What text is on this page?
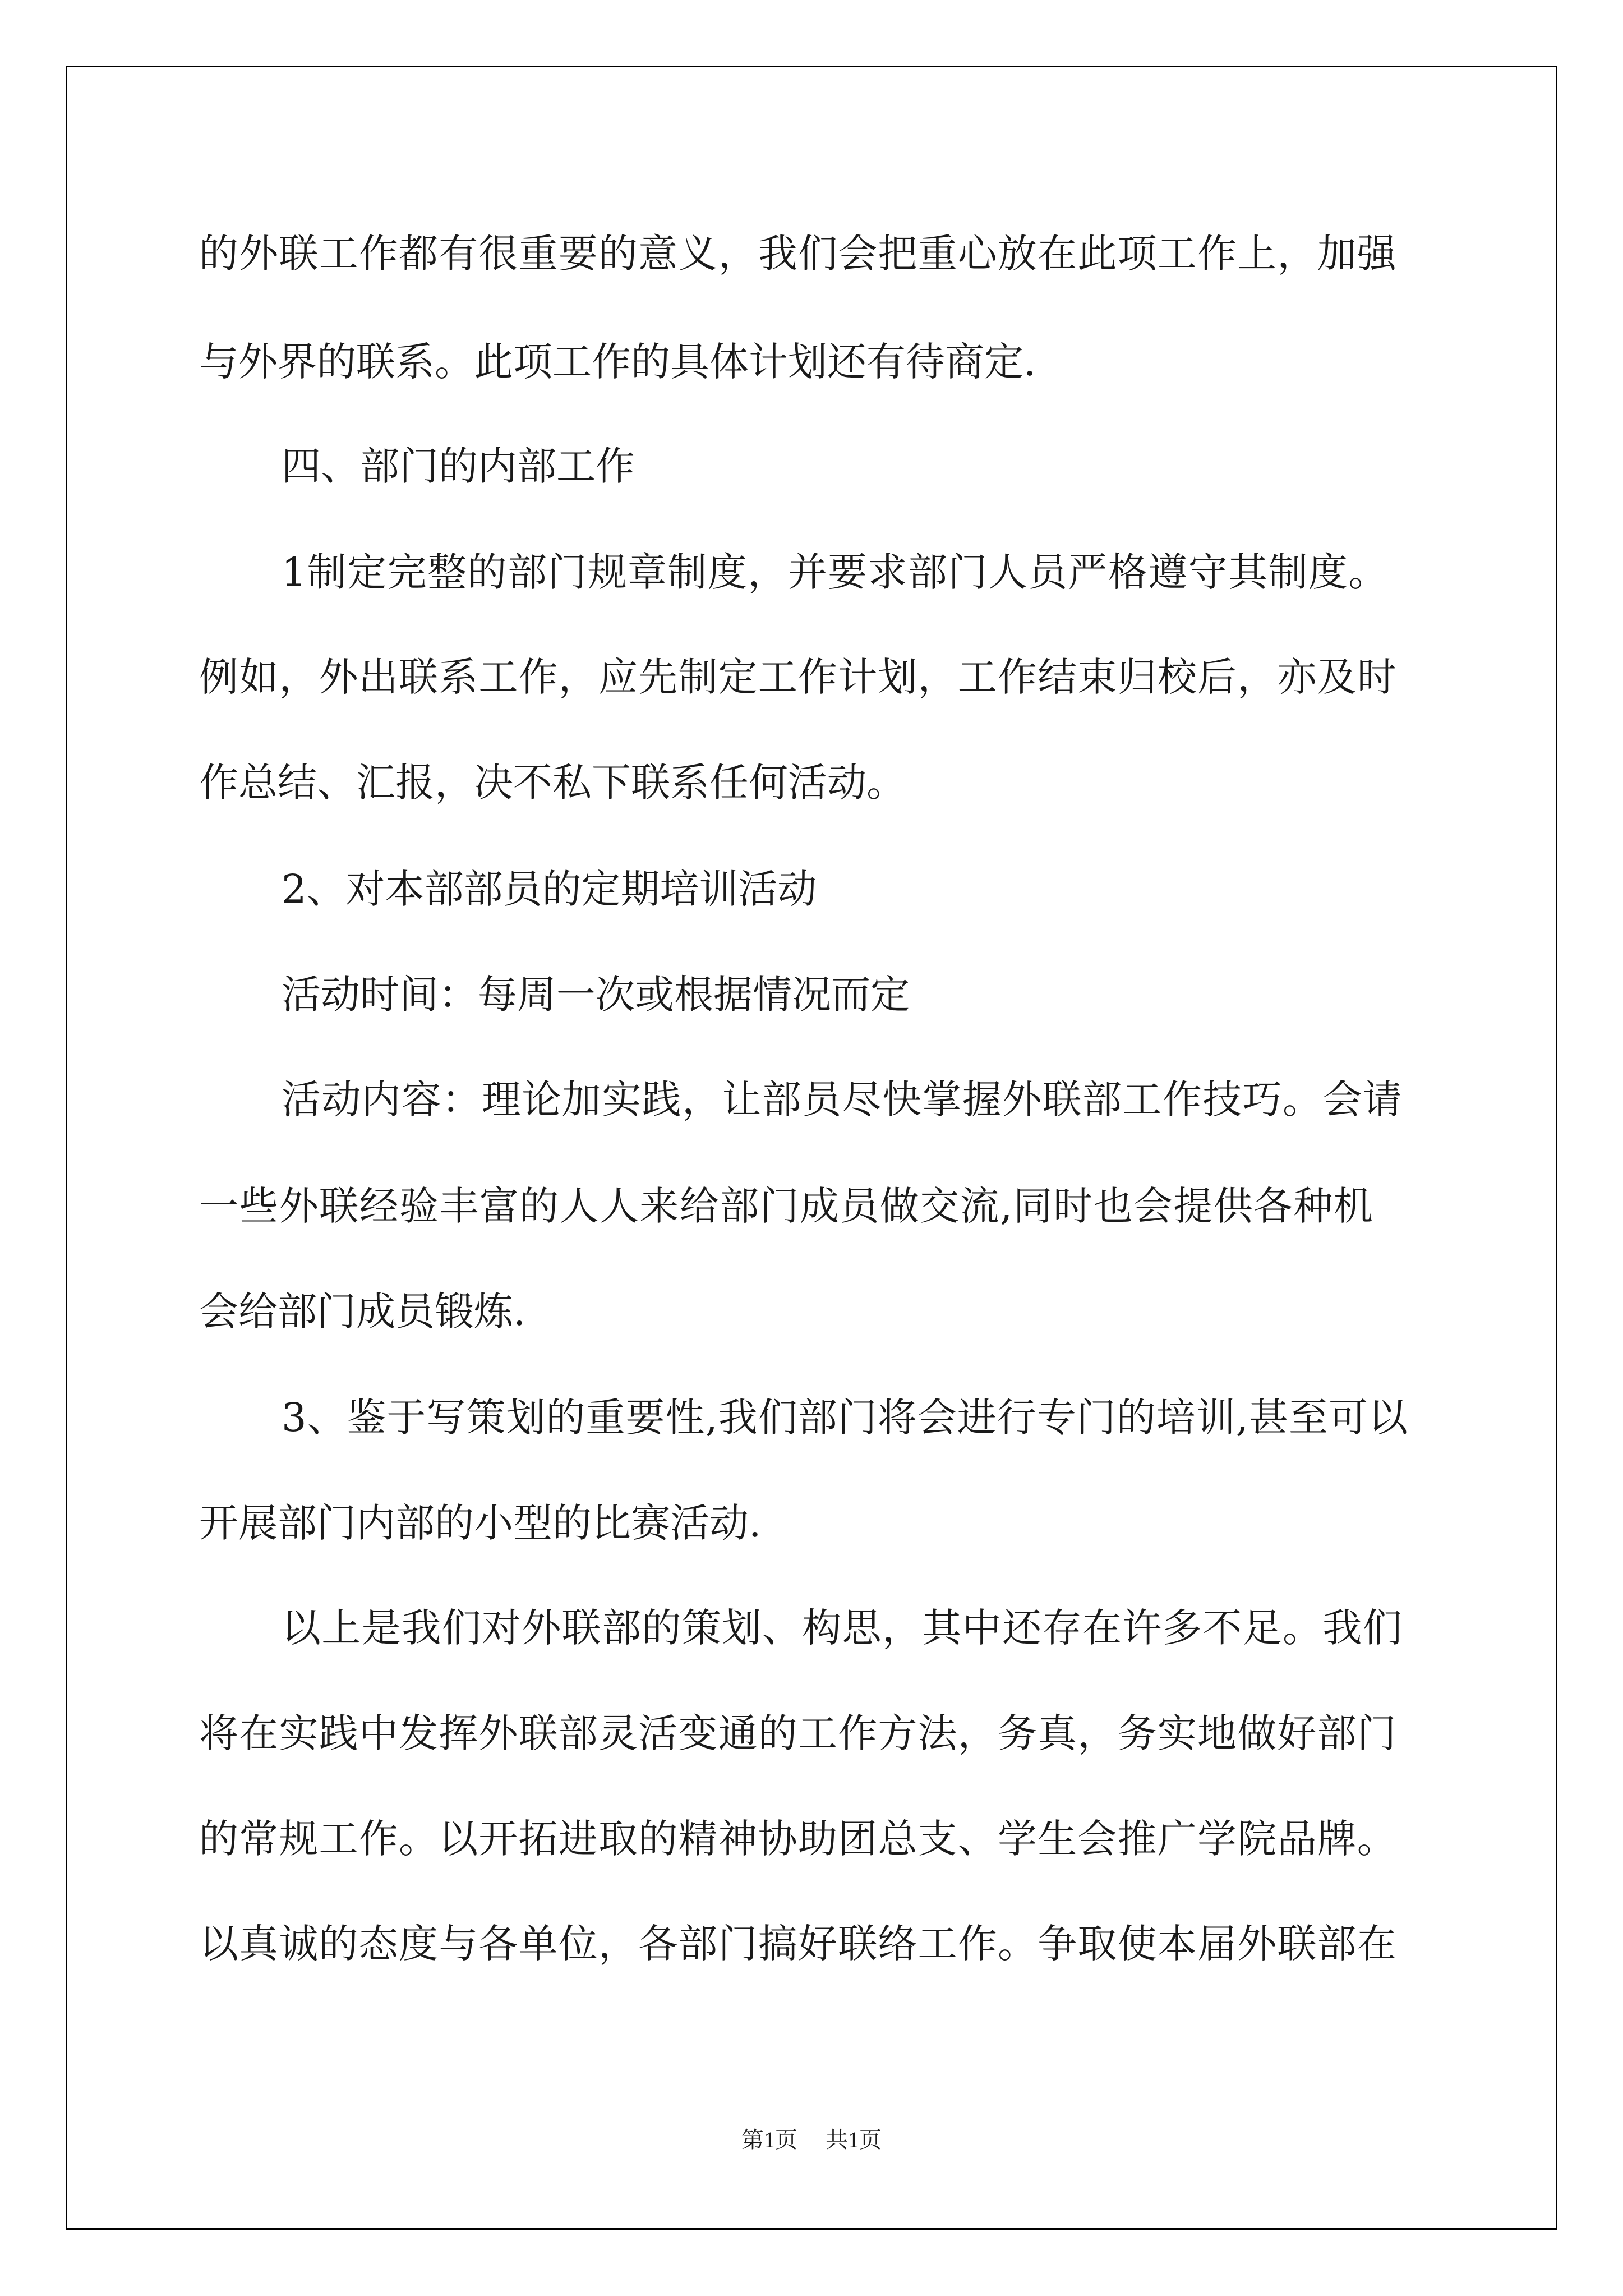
的外联工作都有很重要的意义，我们会把重心放在此项工作上，加强
与外界的联系。此项工作的具体计划还有待商定.
四、部门的内部工作
1制定完整的部门规章制度，并要求部门人员严格遵守其制度。
例如，外出联系工作，应先制定工作计划，工作结束归校后，亦及时
作总结、汇报，决不私下联系任何活动。
2、对本部部员的定期培训活动
活动时间：每周一次或根据情况而定
活动内容：理论加实践，让部员尽快掌握外联部工作技巧。会请
一些外联经验丰富的人人来给部门成员做交流,同时也会提供各种机
会给部门成员锻炼.
3、鉴于写策划的重要性,我们部门将会进行专门的培训,甚至可以
开展部门内部的小型的比赛活动.
以上是我们对外联部的策划、构思，其中还存在许多不足。我们
将在实践中发挥外联部灵活变通的工作方法，务真，务实地做好部门
的常规工作。以开拓进取的精神协助团总支、学生会推广学院品牌。
以真诚的态度与各单位，各部门搞好联络工作。争取使本届外联部在
第1页 共1页
